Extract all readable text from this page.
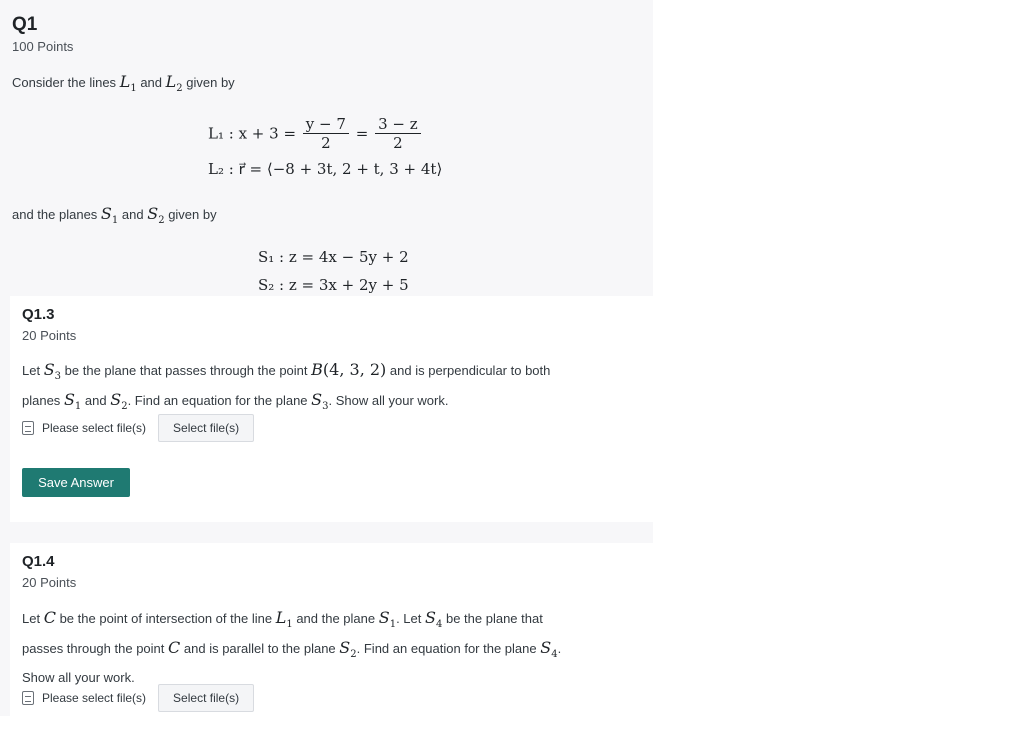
Q1
100 Points
Consider the lines $L_1$ and $L_2$ given by
L₁ : $x + 3 = \frac{y - 7}{2} = \frac{3 - z}{2}$
L₂ : r⃗ = ⟨−8 + 3t, 2 + t, 3 + 4t⟩
and the planes $S_1$ and $S_2$ given by
S₁ : z = 4x − 5y + 2
S₂ : z = 3x + 2y + 5
Q1.3
20 Points
Let $S_3$ be the plane that passes through the point B(4, 3, 2) and is perpendicular to both
planes $S_1$ and $S_2$. Find an equation for the plane $S_3$. Show all your work.
Please select file(s)	Select file(s)
Save Answer
Q1.4
20 Points
Let C be the point of intersection of the line $L_1$ and the plane $S_1$. Let $S_4$ be the plane that
passes through the point C and is parallel to the plane $S_2$. Find an equation for the plane $S_4$.
Show all your work.
Please select file(s)	Select file(s)
